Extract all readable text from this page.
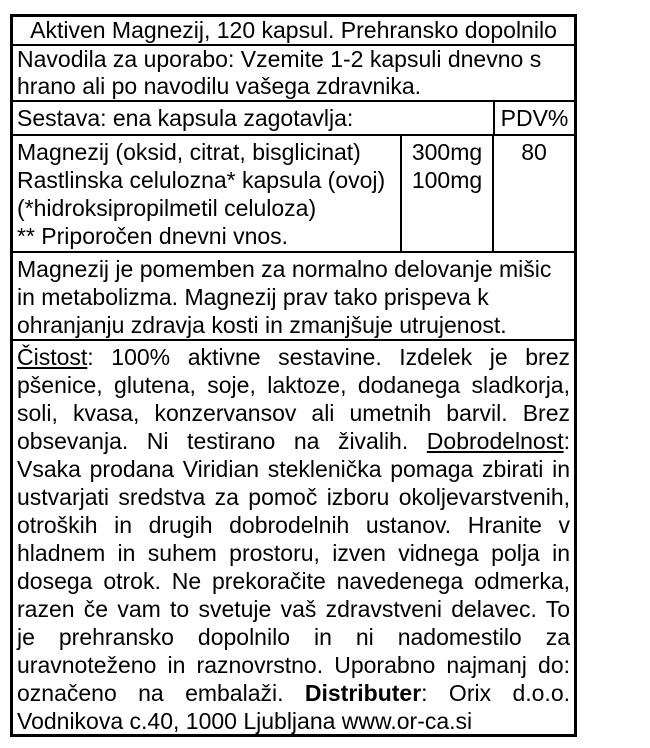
Aktiven Magnezij, 120 kapsul. Prehransko dopolnilo
Navodila za uporabo: Vzemite 1-2 kapsuli dnevno s hrano ali po navodilu vašega zdravnika.
Sestava: ena kapsula zagotavlja:	PDV%
Magnezij (oksid, citrat, bisglicinat)
Rastlinska celulozna* kapsula (ovoj)
(*hidroksipropilmetil celuloza)
** Priporočen dnevni vnos.
300mg
100mg
80
Magnezij je pomemben za normalno delovanje mišic in metabolizma. Magnezij prav tako prispeva k ohranjanju zdravja kosti in zmanjšuje utrujenost.
Čistost: 100% aktivne sestavine. Izdelek je brez pšenice, glutena, soje, laktoze, dodanega sladkorja, soli, kvasa, konzervansov ali umetnih barvil. Brez obsevanja. Ni testirano na živalih. Dobrodelnost: Vsaka prodana Viridian steklenička pomaga zbirati in ustvarjati sredstva za pomoč izboru okoljevarstvenih, otroških in drugih dobrodelnih ustanov. Hranite v hladnem in suhem prostoru, izven vidnega polja in dosega otrok. Ne prekoračite navedenega odmerka, razen če vam to svetuje vaš zdravstveni delavec. To je prehransko dopolnilo in ni nadomestilo za uravnoteženo in raznovrstno. Uporabno najmanj do: označeno na embalaži. Distributer: Orix d.o.o. Vodnikova c.40, 1000 Ljubljana www.or-ca.si
